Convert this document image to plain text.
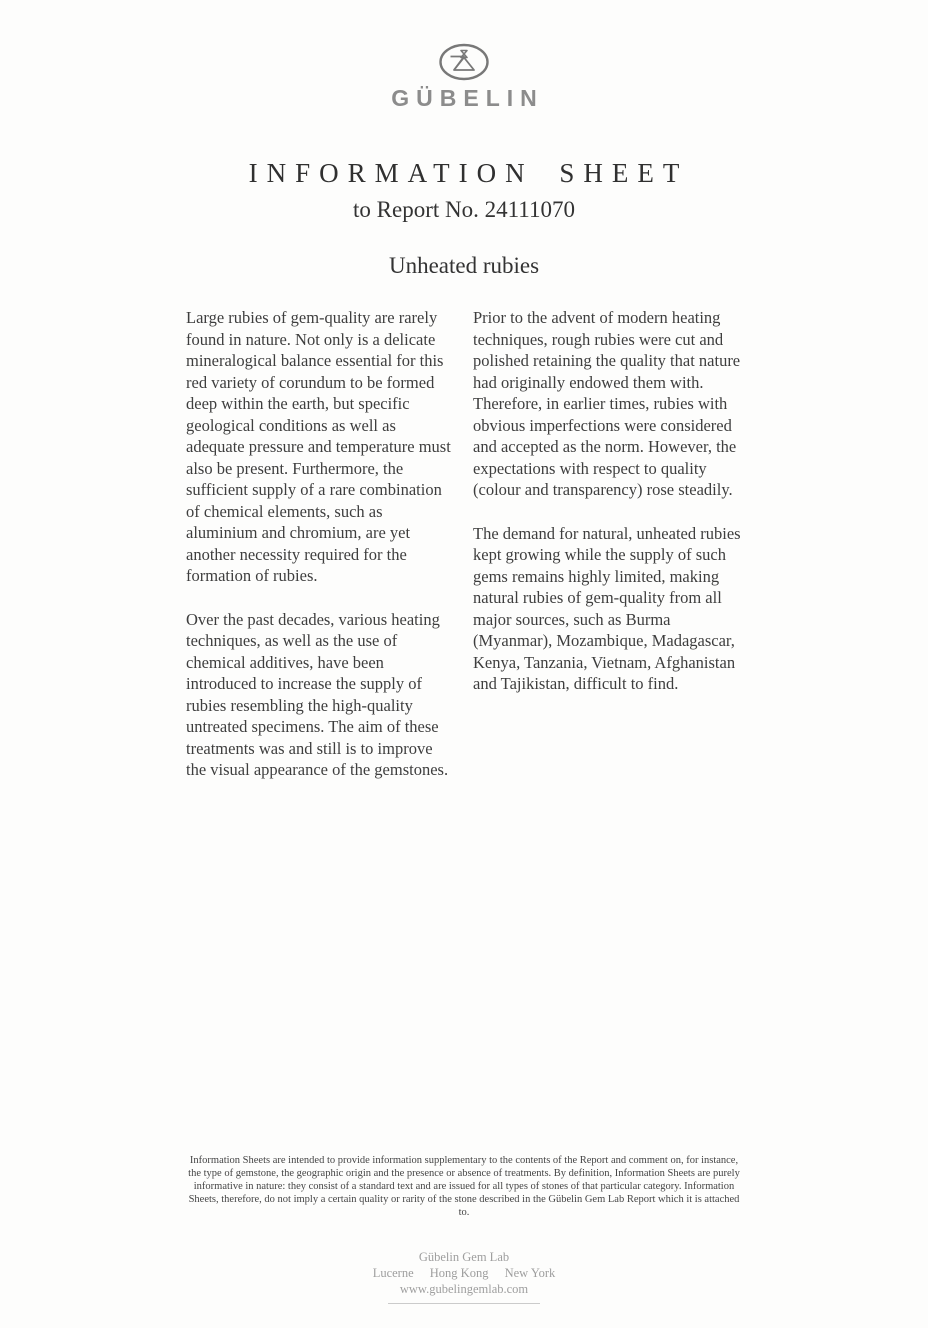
GÜBELIN
INFORMATION SHEET
to Report No. 24111070
Unheated rubies

Large rubies of gem-quality are rarely found in nature. Not only is a delicate mineralogical balance essential for this red variety of corundum to be formed deep within the earth, but specific geological conditions as well as adequate pressure and temperature must also be present. Furthermore, the sufficient supply of a rare combination of chemical elements, such as aluminium and chromium, are yet another necessity required for the formation of rubies.

Over the past decades, various heating techniques, as well as the use of chemical additives, have been introduced to increase the supply of rubies resembling the high-quality untreated specimens. The aim of these treatments was and still is to improve the visual appearance of the gemstones.

Prior to the advent of modern heating techniques, rough rubies were cut and polished retaining the quality that nature had originally endowed them with. Therefore, in earlier times, rubies with obvious imperfections were considered and accepted as the norm. However, the expectations with respect to quality (colour and transparency) rose steadily.

The demand for natural, unheated rubies kept growing while the supply of such gems remains highly limited, making natural rubies of gem-quality from all major sources, such as Burma (Myanmar), Mozambique, Madagascar, Kenya, Tanzania, Vietnam, Afghanistan and Tajikistan, difficult to find.

Information Sheets are intended to provide information supplementary to the contents of the Report and comment on, for instance, the type of gemstone, the geographic origin and the presence or absence of treatments. By definition, Information Sheets are purely informative in nature: they consist of a standard text and are issued for all types of stones of that particular category. Information Sheets, therefore, do not imply a certain quality or rarity of the stone described in the Gübelin Gem Lab Report which it is attached to.

Gübelin Gem Lab
Lucerne Hong Kong New York
www.gubelingemlab.com
